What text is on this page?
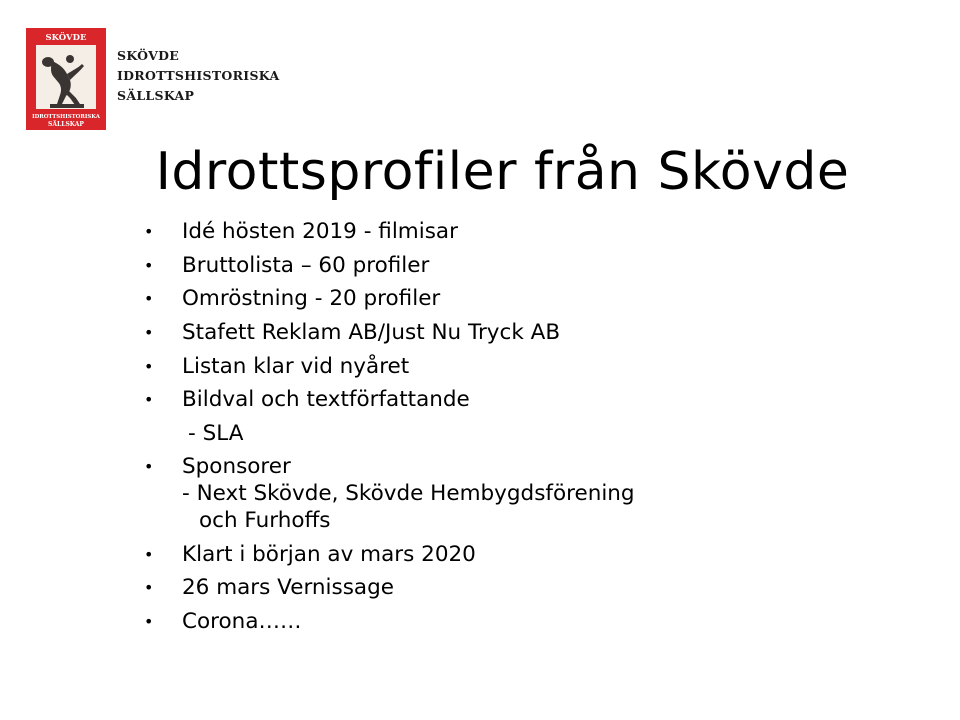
SKÖVDE
IDROTTSHISTORISKA
SÄLLSKAP
SKÖVDE
IDROTTSHISTORISKA
SÄLLSKAP
Idrottsprofiler från Skövde
• Idé hösten 2019 - filmisar
• Bruttolista – 60 profiler
• Omröstning - 20 profiler
• Stafett Reklam AB/Just Nu Tryck AB
• Listan klar vid nyåret
• Bildval och textförfattande
- SLA
• Sponsorer
- Next Skövde, Skövde Hembygdsförening
och Furhoffs
• Klart i början av mars 2020
• 26 mars Vernissage
• Corona……
